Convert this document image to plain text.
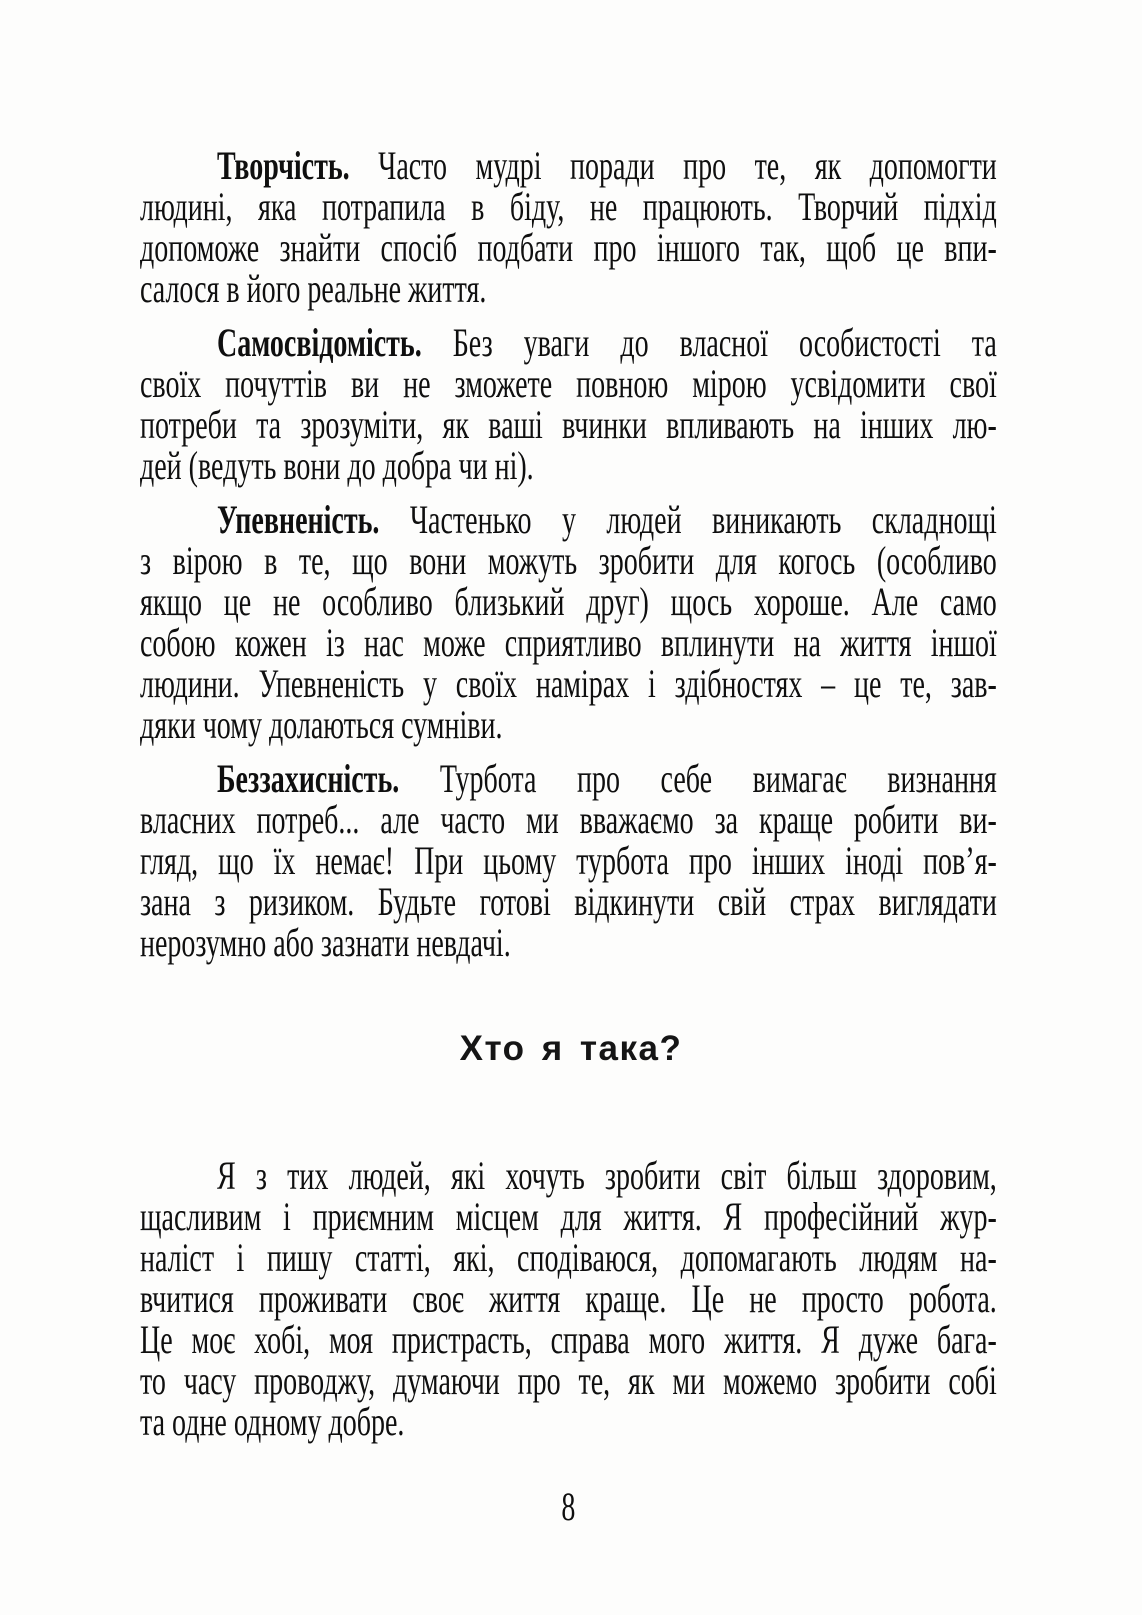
Творчість. Часто мудрі поради про те, як допомогти
людині, яка потрапила в біду, не працюють. Творчий підхід
допоможе знайти спосіб подбати про іншого так, щоб це впи-
салося в його реальне життя.
Самосвідомість. Без уваги до власної особистості та
своїх почуттів ви не зможете повною мірою усвідомити свої
потреби та зрозуміти, як ваші вчинки впливають на інших лю-
дей (ведуть вони до добра чи ні).
Упевненість. Частенько у людей виникають складнощі
з вірою в те, що вони можуть зробити для когось (особливо
якщо це не особливо близький друг) щось хороше. Але само
собою кожен із нас може сприятливо вплинути на життя іншої
людини. Упевненість у своїх намірах і здібностях – це те, зав-
дяки чому долаються сумніви.
Беззахисність. Турбота про себе вимагає визнання
власних потреб... але часто ми вважаємо за краще робити ви-
гляд, що їх немає! При цьому турбота про інших іноді пов’я-
зана з ризиком. Будьте готові відкинути свій страх виглядати
нерозумно або зазнати невдачі.
Хто я така?
Я з тих людей, які хочуть зробити світ більш здоровим,
щасливим і приємним місцем для життя. Я професійний жур-
наліст і пишу статті, які, сподіваюся, допомагають людям на-
вчитися проживати своє життя краще. Це не просто робота.
Це моє хобі, моя пристрасть, справа мого життя. Я дуже бага-
то часу проводжу, думаючи про те, як ми можемо зробити собі
та одне одному добре.
8
